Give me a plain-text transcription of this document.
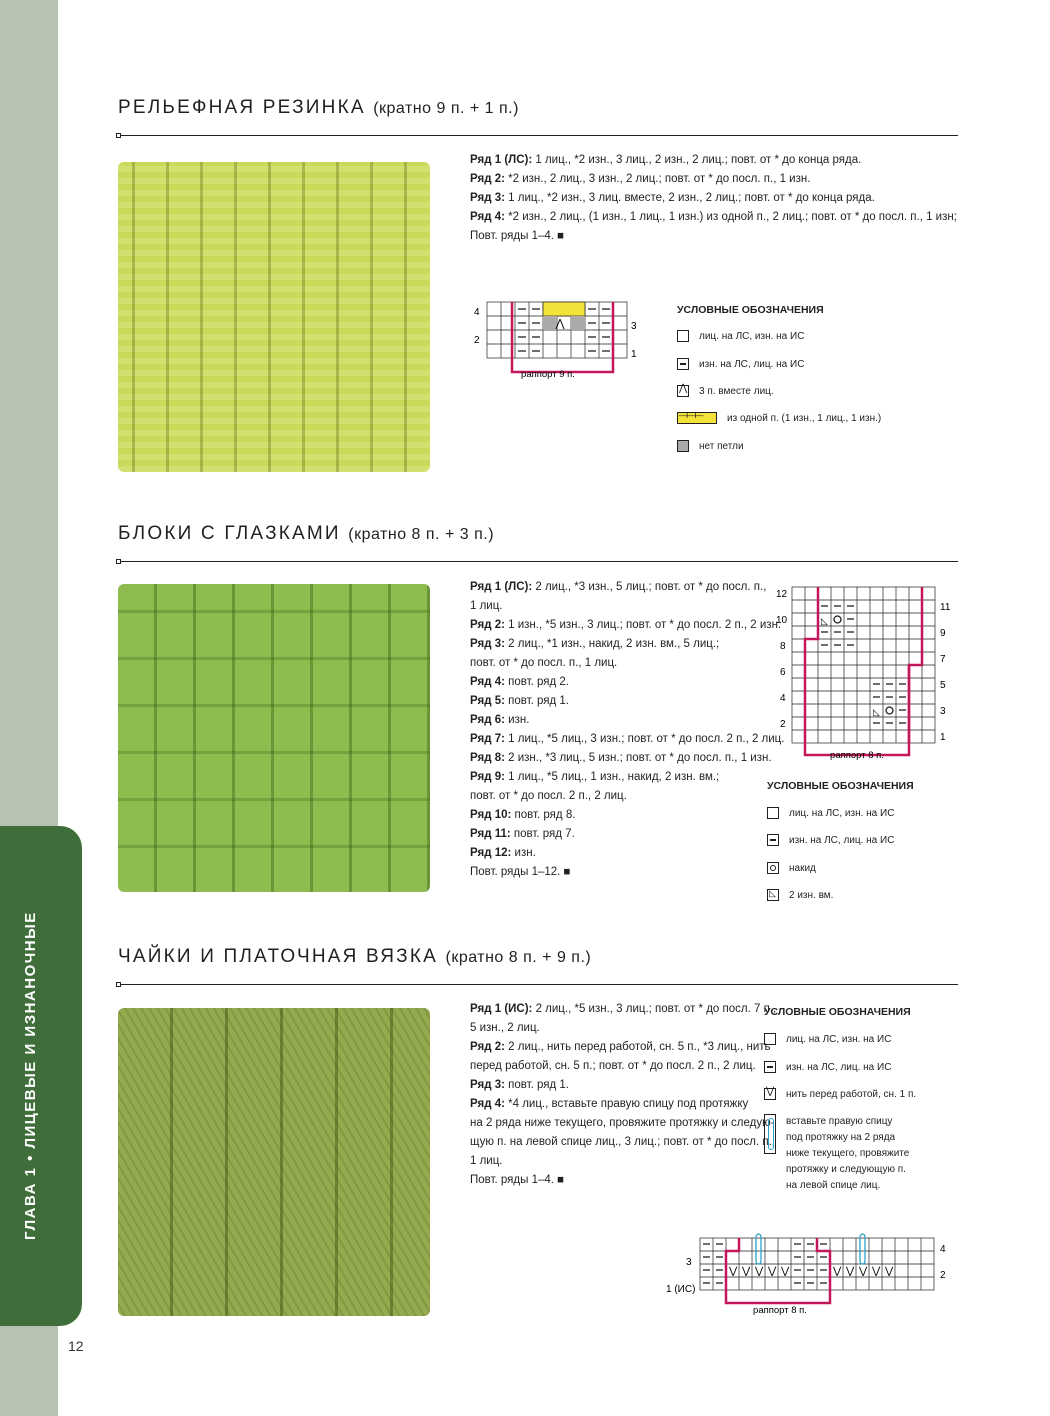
ГЛАВА 1 • ЛИЦЕВЫЕ И ИЗНАНОЧНЫЕ
12
РЕЛЬЕФНАЯ РЕЗИНКА (кратно 9 п. + 1 п.)
Ряд 1 (ЛС): 1 лиц., *2 изн., 3 лиц., 2 изн., 2 лиц.; повт. от * до конца ряда.
Ряд 2: *2 изн., 2 лиц., 3 изн., 2 лиц.; повт. от * до посл. п., 1 изн.
Ряд 3: 1 лиц., *2 изн., 3 лиц. вместе, 2 изн., 2 лиц.; повт. от * до конца ряда.
Ряд 4: *2 изн., 2 лиц., (1 изн., 1 лиц., 1 изн.) из одной п., 2 лиц.; повт. от * до посл. п., 1 изн;
Повт. ряды 1–4. ■
⋀
4
2
3
1
раппорт 9 п.
УСЛОВНЫЕ ОБОЗНАЧЕНИЯ
лиц. на ЛС, изн. на ИС
изн. на ЛС, лиц. на ИС
⋀
3 п. вместе лиц.
—I—I—
из одной п. (1 изн., 1 лиц., 1 изн.)
нет петли
БЛОКИ С ГЛАЗКАМИ (кратно 8 п. + 3 п.)
Ряд 1 (ЛС): 2 лиц., *3 изн., 5 лиц.; повт. от * до посл. п.,
1 лиц.
Ряд 2: 1 изн., *5 изн., 3 лиц.; повт. от * до посл. 2 п., 2 изн.
Ряд 3: 2 лиц., *1 изн., накид, 2 изн. вм., 5 лиц.;
повт. от * до посл. п., 1 лиц.
Ряд 4: повт. ряд 2.
Ряд 5: повт. ряд 1.
Ряд 6: изн.
Ряд 7: 1 лиц., *5 лиц., 3 изн.; повт. от * до посл. 2 п., 2 лиц.
Ряд 8: 2 изн., *3 лиц., 5 изн.; повт. от * до посл. п., 1 изн.
Ряд 9: 1 лиц., *5 лиц., 1 изн., накид, 2 изн. вм.;
повт. от * до посл. 2 п., 2 лиц.
Ряд 10: повт. ряд 8.
Ряд 11: повт. ряд 7.
Ряд 12: изн.
Повт. ряды 1–12. ■
◺
◺
12
10
8
6
4
2
11
9
7
5
3
1
раппорт 8 п.
УСЛОВНЫЕ ОБОЗНАЧЕНИЯ
лиц. на ЛС, изн. на ИС
изн. на ЛС, лиц. на ИС
накид
◺
2 изн. вм.
ЧАЙКИ И ПЛАТОЧНАЯ ВЯЗКА (кратно 8 п. + 9 п.)
Ряд 1 (ИС): 2 лиц., *5 изн., 3 лиц.; повт. от * до посл. 7 п.,
5 изн., 2 лиц.
Ряд 2: 2 лиц., нить перед работой, сн. 5 п., *3 лиц., нить
перед работой, сн. 5 п.; повт. от * до посл. 2 п., 2 лиц.
Ряд 3: повт. ряд 1.
Ряд 4: *4 лиц., вставьте правую спицу под протяжку
на 2 ряда ниже текущего, провяжите протяжку и следую-
щую п. на левой спице лиц., 3 лиц.; повт. от * до посл. п.,
1 лиц.
Повт. ряды 1–4. ■
УСЛОВНЫЕ ОБОЗНАЧЕНИЯ
лиц. на ЛС, изн. на ИС
изн. на ЛС, лиц. на ИС
⋁
нить перед работой, сн. 1 п.
вставьте правую спицу
под протяжку на 2 ряда
ниже текущего, провяжите
протяжку и следующую п.
на левой спице лиц.
⋁ ⋁ ⋁ ⋁ ⋁	⋁ ⋁ ⋁ ⋁ ⋁
3
1 (ИС)
4
2
раппорт 8 п.
